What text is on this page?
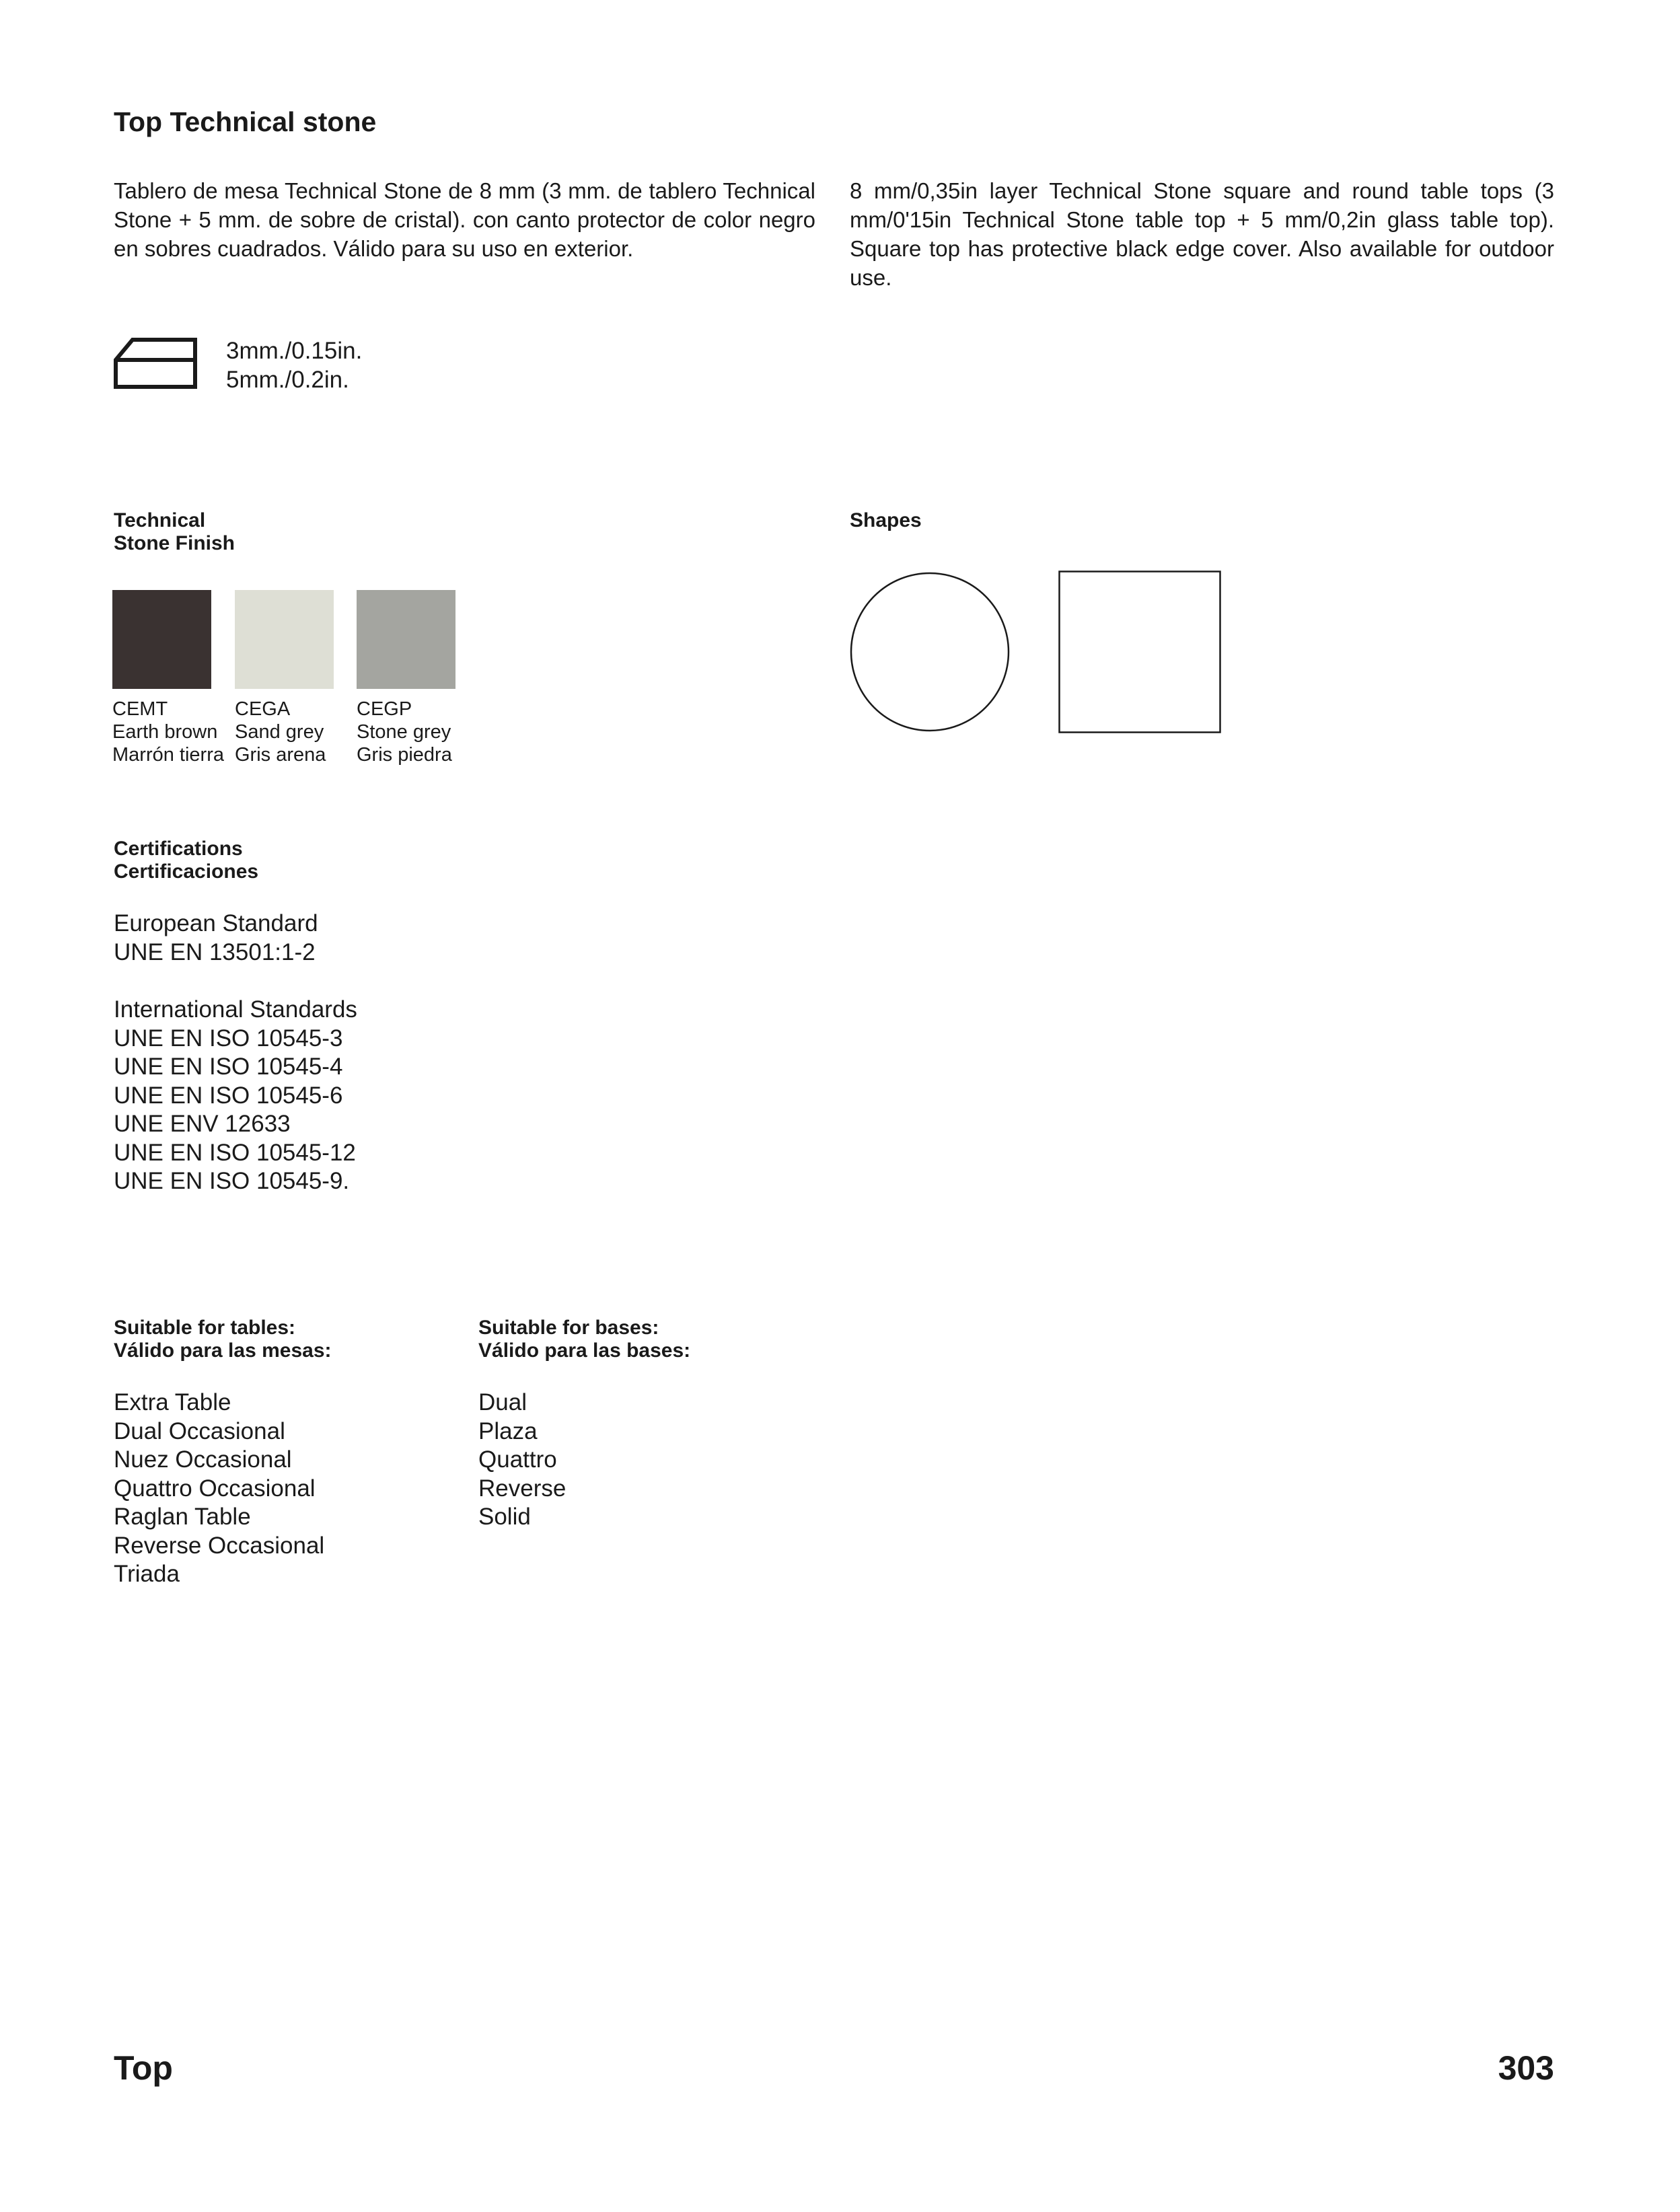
Top Technical stone
Tablero de mesa Technical Stone de 8 mm (3 mm. de tablero Technical Stone + 5 mm. de sobre de cristal). con canto protector de color negro en sobres cuadrados. Válido para su uso en exterior.
8 mm/0,35in layer Technical Stone square and round table tops (3 mm/0'15in Technical Stone table top + 5 mm/0,2in glass table top). Square top has protective black edge cover. Also available for outdoor use.
3mm./0.15in.
5mm./0.2in.
Technical
Stone Finish
CEMT
Earth brown
Marrón tierra
CEGA
Sand grey
Gris arena
CEGP
Stone grey
Gris piedra
Shapes
Certifications
Certificaciones
European Standard
UNE EN 13501:1-2
International Standards
UNE EN ISO 10545-3
UNE EN ISO 10545-4
UNE EN ISO 10545-6
UNE ENV 12633
UNE EN ISO 10545-12
UNE EN ISO 10545-9.
Suitable for tables:
Válido para las mesas:
Extra Table
Dual Occasional
Nuez Occasional
Quattro Occasional
Raglan Table
Reverse Occasional
Triada
Suitable for bases:
Válido para las bases:
Dual
Plaza
Quattro
Reverse
Solid
Top	303
